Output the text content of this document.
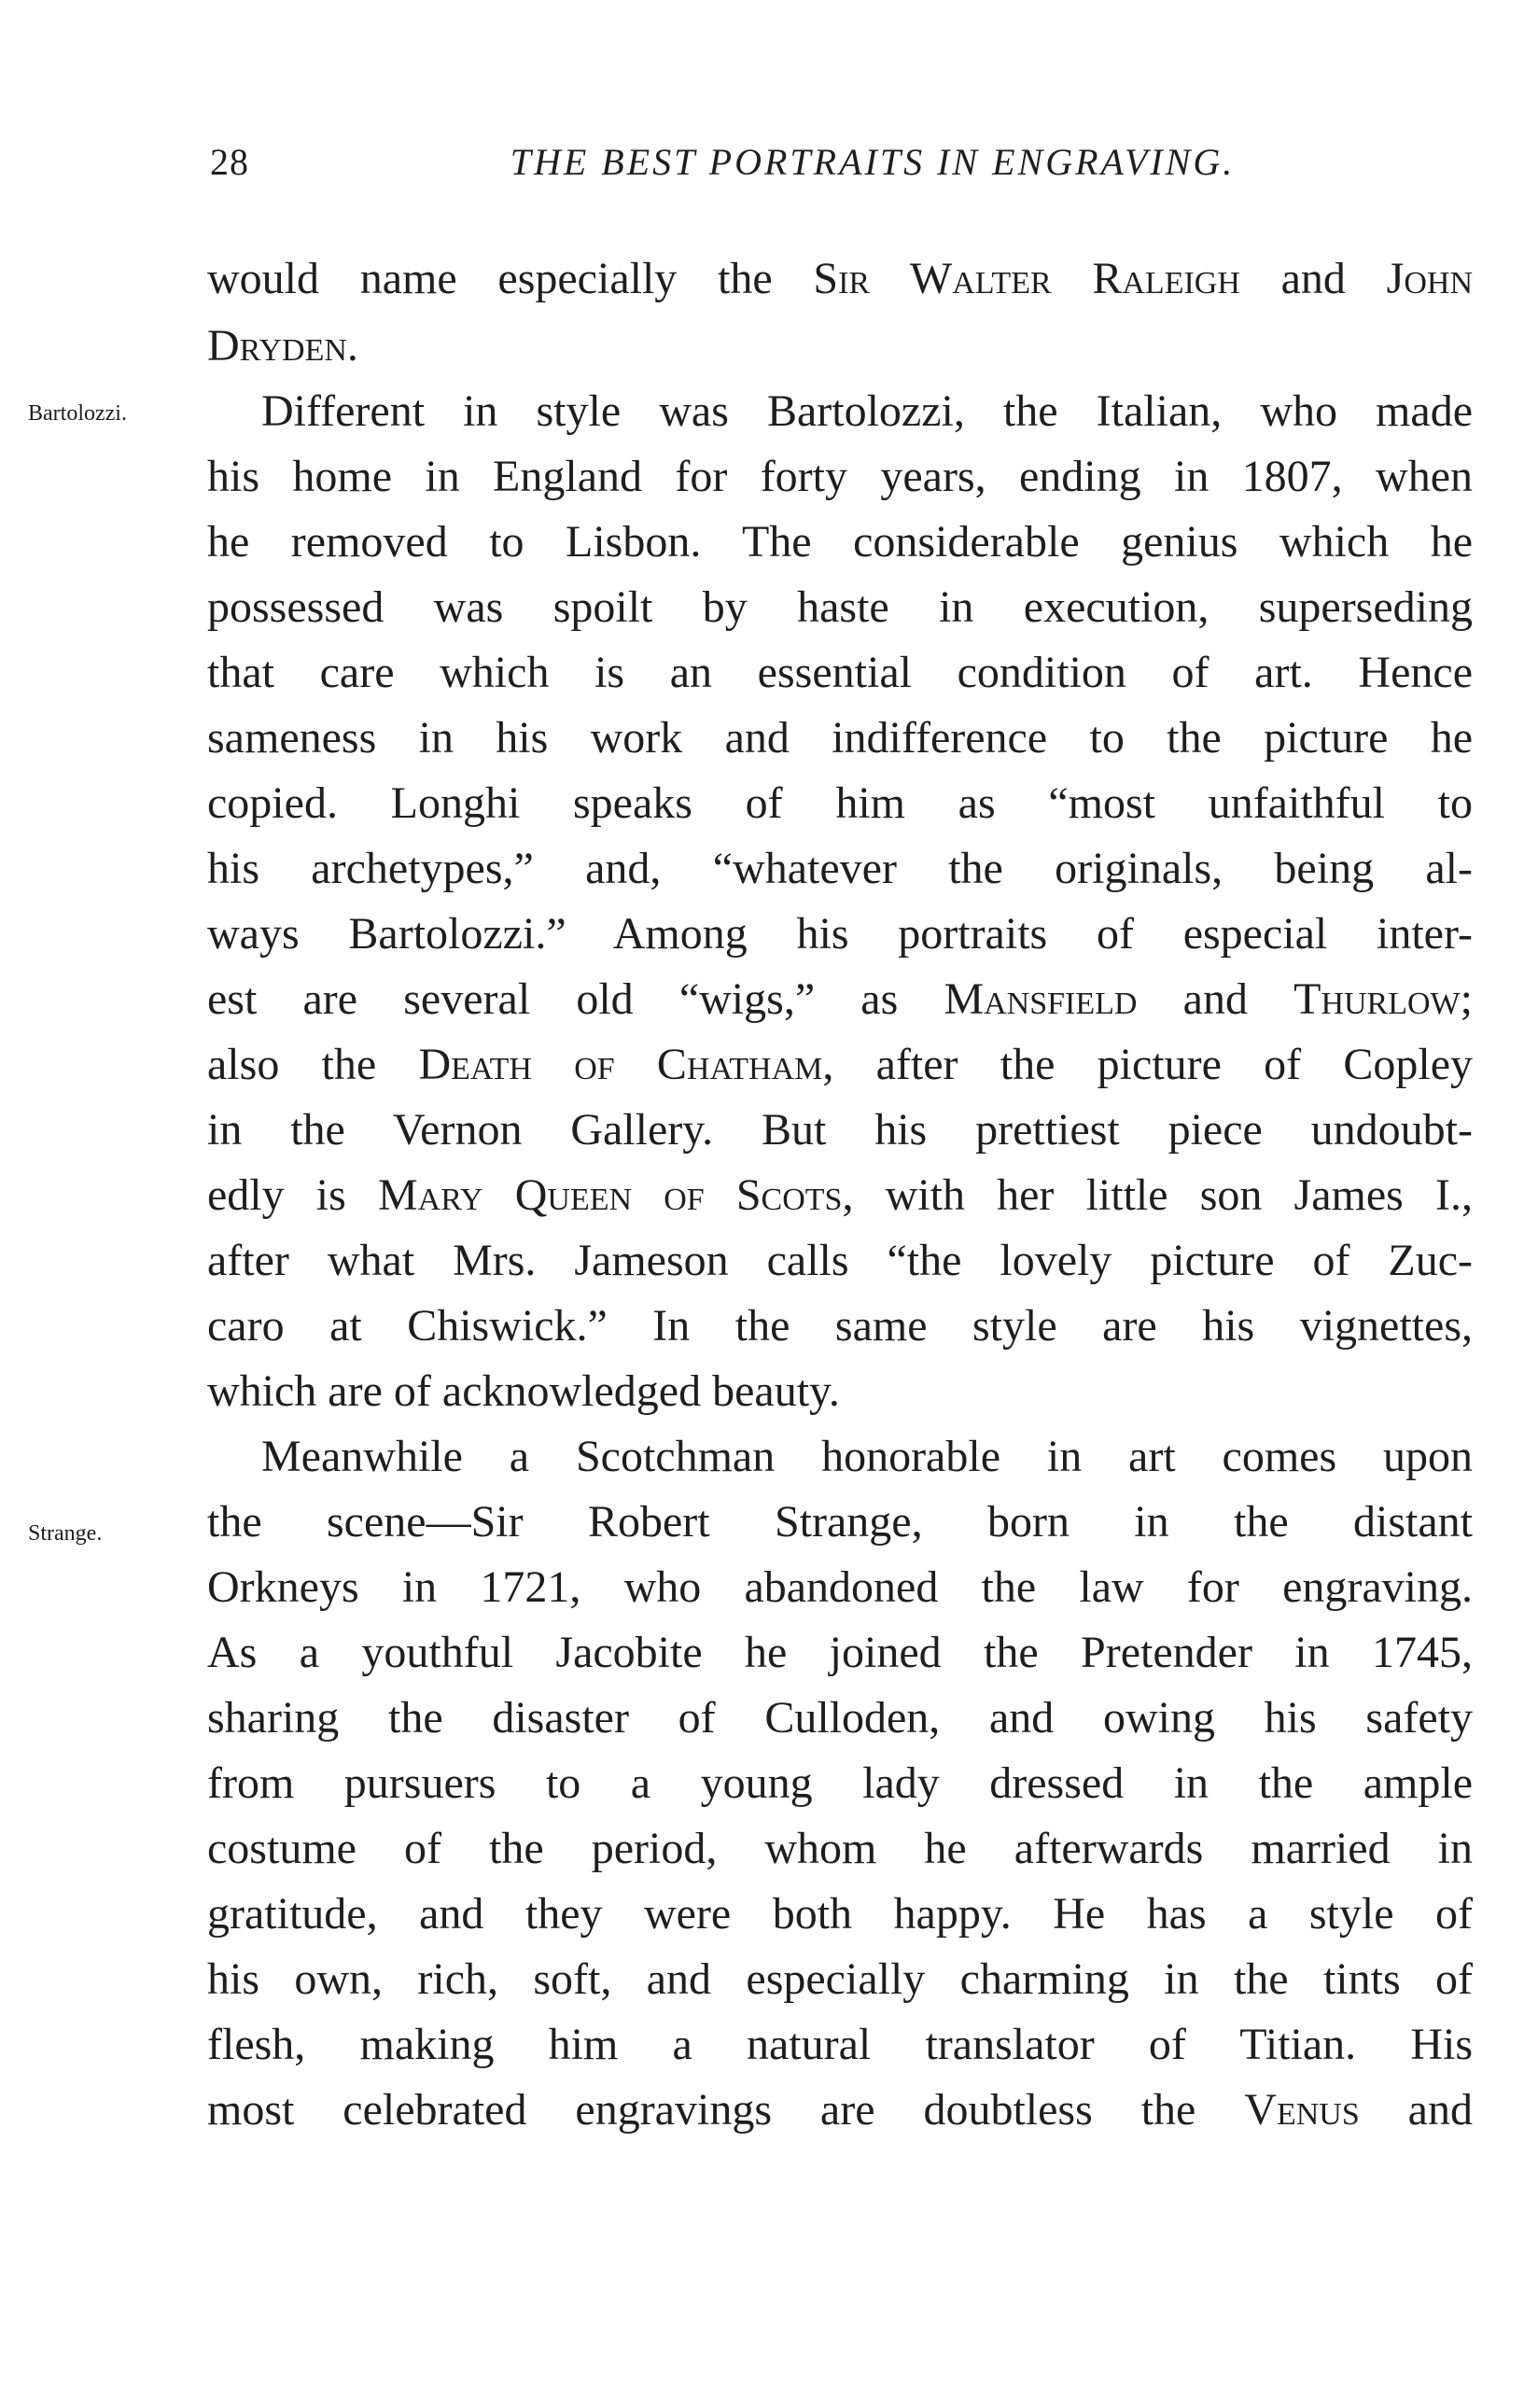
28	THE BEST PORTRAITS IN ENGRAVING.
Bartolozzi.
Strange.
would name especially the Sir Walter Raleigh and John
Dryden.
Different in style was Bartolozzi, the Italian, who made
his home in England for forty years, ending in 1807, when
he removed to Lisbon. The considerable genius which he
possessed was spoilt by haste in execution, superseding
that care which is an essential condition of art. Hence
sameness in his work and indifference to the picture he
copied. Longhi speaks of him as “most unfaithful to
his archetypes,” and, “whatever the originals, being al-
ways Bartolozzi.” Among his portraits of especial inter-
est are several old “wigs,” as Mansfield and Thurlow;
also the Death of Chatham, after the picture of Copley
in the Vernon Gallery. But his prettiest piece undoubt-
edly is Mary Queen of Scots, with her little son James I.,
after what Mrs. Jameson calls “the lovely picture of Zuc-
caro at Chiswick.” In the same style are his vignettes,
which are of acknowledged beauty.
Meanwhile a Scotchman honorable in art comes upon
the scene—Sir Robert Strange, born in the distant
Orkneys in 1721, who abandoned the law for engraving.
As a youthful Jacobite he joined the Pretender in 1745,
sharing the disaster of Culloden, and owing his safety
from pursuers to a young lady dressed in the ample
costume of the period, whom he afterwards married in
gratitude, and they were both happy. He has a style of
his own, rich, soft, and especially charming in the tints of
flesh, making him a natural translator of Titian. His
most celebrated engravings are doubtless the Venus and
